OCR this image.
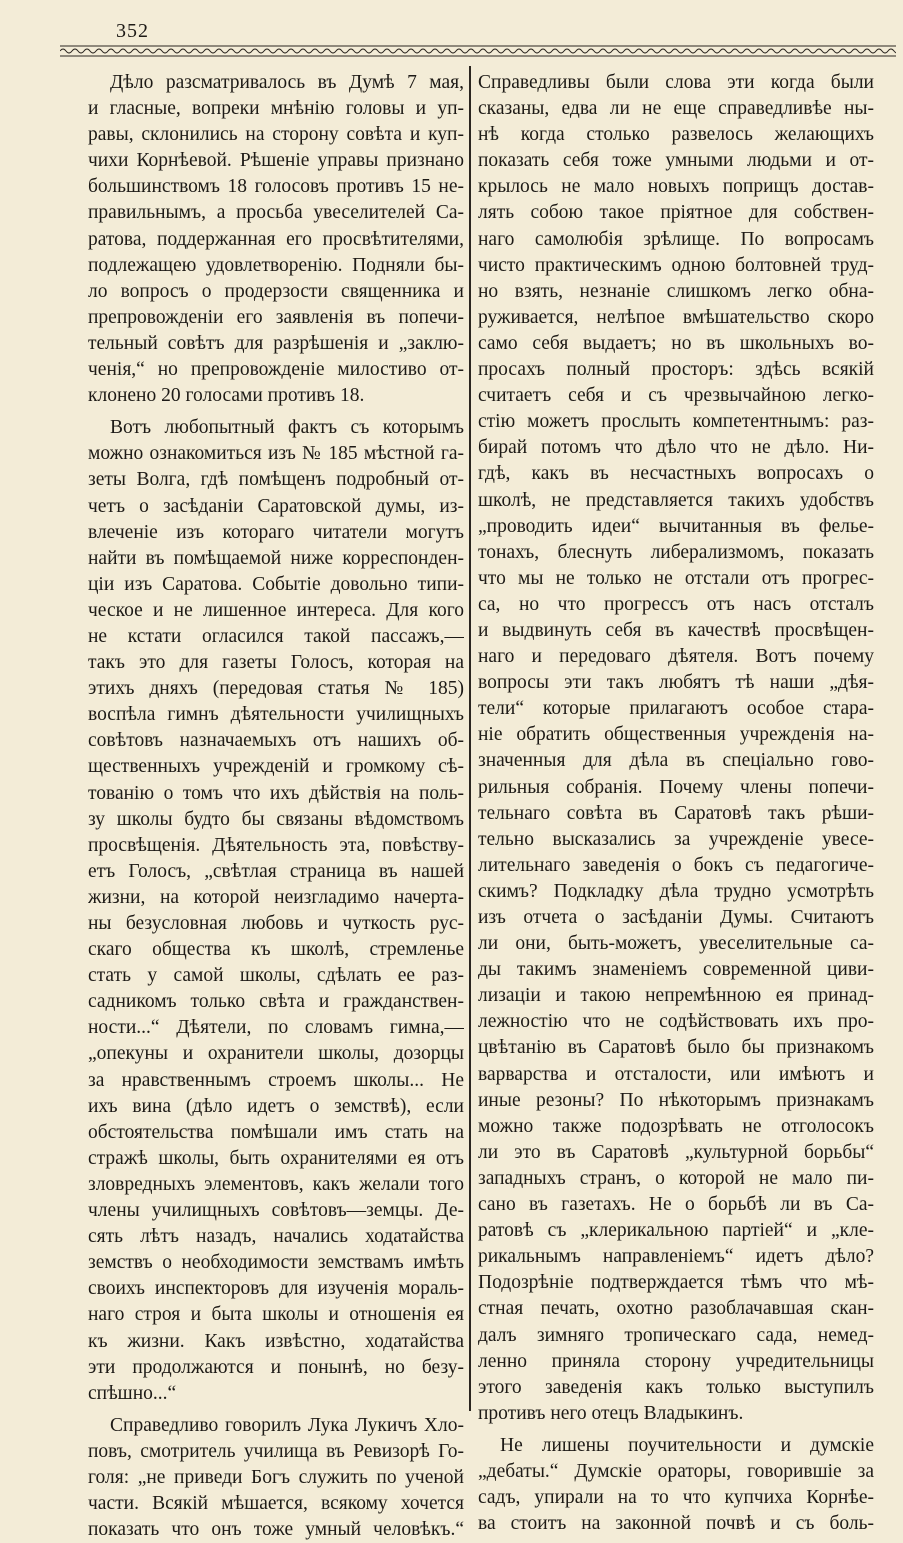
352
Дѣло разсматривалось въ Думѣ 7 мая,
и гласные, вопреки мнѣнію головы и уп-
равы, склонились на сторону совѣта и куп-
чихи Корнѣевой. Рѣшеніе управы признано
большинствомъ 18 голосовъ противъ 15 не-
правильнымъ, а просьба увеселителей Са-
ратова, поддержанная его просвѣтителями,
подлежащею удовлетворенію. Подняли бы-
ло вопросъ о продерзости священника и
препровожденіи его заявленія въ попечи-
тельный совѣтъ для разрѣшенія и „заклю-
ченія,“ но препровожденіе милостиво от-
клонено 20 голосами противъ 18.
Вотъ любопытный фактъ съ которымъ
можно ознакомиться изъ № 185 мѣстной га-
зеты Волга, гдѣ помѣщенъ подробный от-
четъ о засѣданіи Саратовской думы, из-
влеченіе изъ котораго читатели могутъ
найти въ помѣщаемой ниже корреспонден-
ціи изъ Саратова. Событіе довольно типи-
ческое и не лишенное интереса. Для кого
не кстати огласился такой пассажъ,—
такъ это для газеты Голосъ, которая на
этихъ дняхъ (передовая статья № 185)
воспѣла гимнъ дѣятельности училищныхъ
совѣтовъ назначаемыхъ отъ нашихъ об-
щественныхъ учрежденій и громкому сѣ-
тованію о томъ что ихъ дѣйствія на поль-
зу школы будто бы связаны вѣдомствомъ
просвѣщенія. Дѣятельность эта, повѣству-
етъ Голосъ, „свѣтлая страница въ нашей
жизни, на которой неизгладимо начерта-
ны безусловная любовь и чуткость рус-
скаго общества къ школѣ, стремленье
стать у самой школы, сдѣлать ее раз-
садникомъ только свѣта и гражданствен-
ности...“ Дѣятели, по словамъ гимна,—
„опекуны и охранители школы, дозорцы
за нравственнымъ строемъ школы... Не
ихъ вина (дѣло идетъ о земствѣ), если
обстоятельства помѣшали имъ стать на
стражѣ школы, быть охранителями ея отъ
зловредныхъ элементовъ, какъ желали того
члены училищныхъ совѣтовъ—земцы. Де-
сять лѣтъ назадъ, начались ходатайства
земствъ о необходимости земствамъ имѣть
своихъ инспекторовъ для изученія мораль-
наго строя и быта школы и отношенія ея
къ жизни. Какъ извѣстно, ходатайства
эти продолжаются и понынѣ, но безу-
спѣшно...“
Справедливо говорилъ Лука Лукичъ Хло-
повъ, смотритель училища въ Ревизорѣ Го-
голя: „не приведи Богъ служить по ученой
части. Всякій мѣшается, всякому хочется
показать что онъ тоже умный человѣкъ.“
Справедливы были слова эти когда были
сказаны, едва ли не еще справедливѣе ны-
нѣ когда столько развелось желающихъ
показать себя тоже умными людьми и от-
крылось не мало новыхъ поприщъ достав-
лять собою такое пріятное для собствен-
наго самолюбія зрѣлище. По вопросамъ
чисто практическимъ одною болтовней труд-
но взять, незнаніе слишкомъ легко обна-
руживается, нелѣпое вмѣшательство скоро
само себя выдаетъ; но въ школьныхъ во-
просахъ полный просторъ: здѣсь всякій
считаетъ себя и съ чрезвычайною легко-
стію можетъ прослыть компетентнымъ: раз-
бирай потомъ что дѣло что не дѣло. Ни-
гдѣ, какъ въ несчастныхъ вопросахъ о
школѣ, не представляется такихъ удобствъ
„проводить идеи“ вычитанныя въ фелье-
тонахъ, блеснуть либерализмомъ, показать
что мы не только не отстали отъ прогрес-
са, но что прогрессъ отъ насъ отсталъ
и выдвинуть себя въ качествѣ просвѣщен-
наго и передоваго дѣятеля. Вотъ почему
вопросы эти такъ любятъ тѣ наши „дѣя-
тели“ которые прилагаютъ особое стара-
ніе обратить общественныя учрежденія на-
значенныя для дѣла въ спеціально гово-
рильныя собранія. Почему члены попечи-
тельнаго совѣта въ Саратовѣ такъ рѣши-
тельно высказались за учрежденіе увесе-
лительнаго заведенія о бокъ съ педагогиче-
скимъ? Подкладку дѣла трудно усмотрѣть
изъ отчета о засѣданіи Думы. Считаютъ
ли они, быть-можетъ, увеселительные са-
ды такимъ знаменіемъ современной циви-
лизаціи и такою непремѣнною ея принад-
лежностію что не содѣйствовать ихъ про-
цвѣтанію въ Саратовѣ было бы признакомъ
варварства и отсталости, или имѣютъ и
иные резоны? По нѣкоторымъ признакамъ
можно также подозрѣвать не отголосокъ
ли это въ Саратовѣ „культурной борьбы“
западныхъ странъ, о которой не мало пи-
сано въ газетахъ. Не о борьбѣ ли въ Са-
ратовѣ съ „клерикальною партіей“ и „кле-
рикальнымъ направленіемъ“ идетъ дѣло?
Подозрѣніе подтверждается тѣмъ что мѣ-
стная печать, охотно разоблачавшая скан-
далъ зимняго тропическаго сада, немед-
ленно приняла сторону учредительницы
этого заведенія какъ только выступилъ
противъ него отецъ Владыкинъ.
Не лишены поучительности и думскіе
„дебаты.“ Думскіе ораторы, говорившіе за
садъ, упирали на то что купчиха Корнѣе-
ва стоитъ на законной почвѣ и съ боль-
